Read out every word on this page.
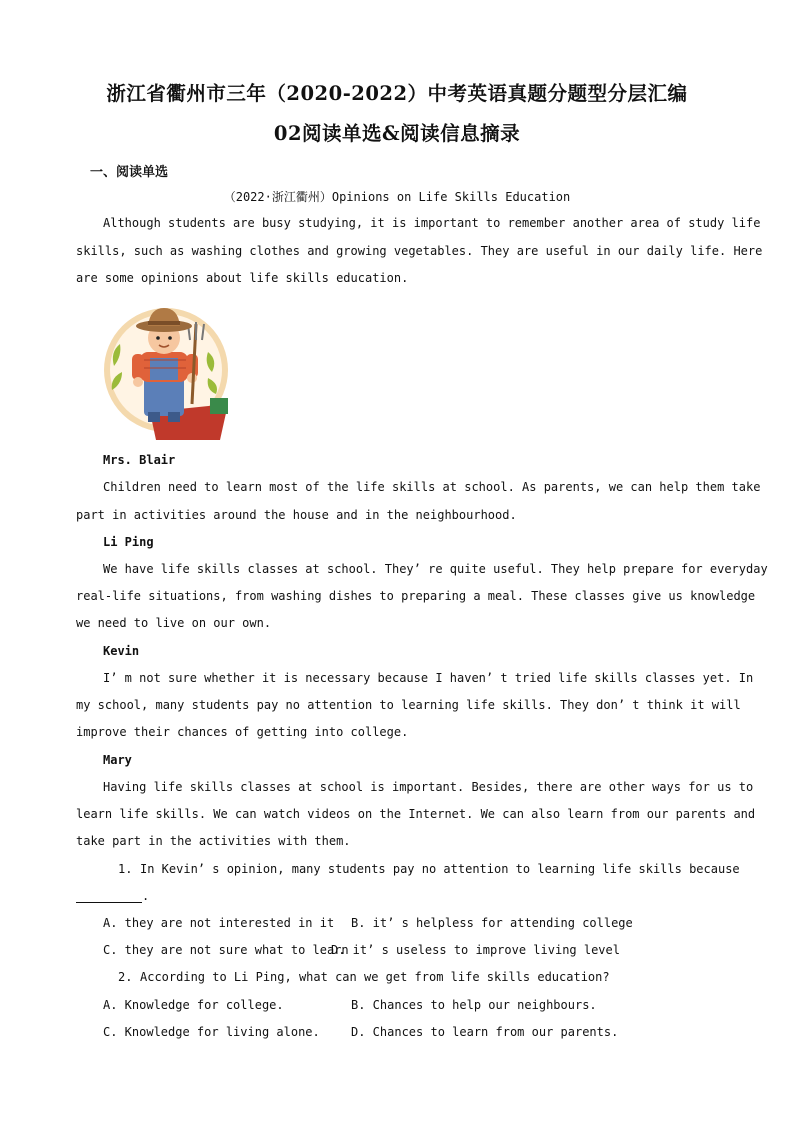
浙江省衢州市三年（2020-2022）中考英语真题分题型分层汇编
02阅读单选&阅读信息摘录
一、阅读单选
（2022·浙江衢州）Opinions on Life Skills Education
Although students are busy studying, it is important to remember another area of study life
skills, such as washing clothes and growing vegetables. They are useful in our daily life. Here
are some opinions about life skills education.
Mrs. Blair
Children need to learn most of the life skills at school. As parents, we can help them take
part in activities around the house and in the neighbourhood.
Li Ping
We have life skills classes at school. They’ re quite useful. They help prepare for everyday
real-life situations, from washing dishes to preparing a meal. These classes give us knowledge
we need to live on our own.
Kevin
I’ m not sure whether it is necessary because I haven’ t tried life skills classes yet. In
my school, many students pay no attention to learning life skills. They don’ t think it will
improve their chances of getting into college.
Mary
Having life skills classes at school is important. Besides, there are other ways for us to
learn life skills. We can watch videos on the Internet. We can also learn from our parents and
take part in the activities with them.
1. In Kevin’ s opinion, many students pay no attention to learning life skills because
.
A. they are not interested in it B. it’ s helpless for attending college
C. they are not sure what to learn
D. it’ s useless to improve living level
2. According to Li Ping, what can we get from life skills education?
A. Knowledge for college.	B. Chances to help our neighbours.
C. Knowledge for living alone.	D. Chances to learn from our parents.
